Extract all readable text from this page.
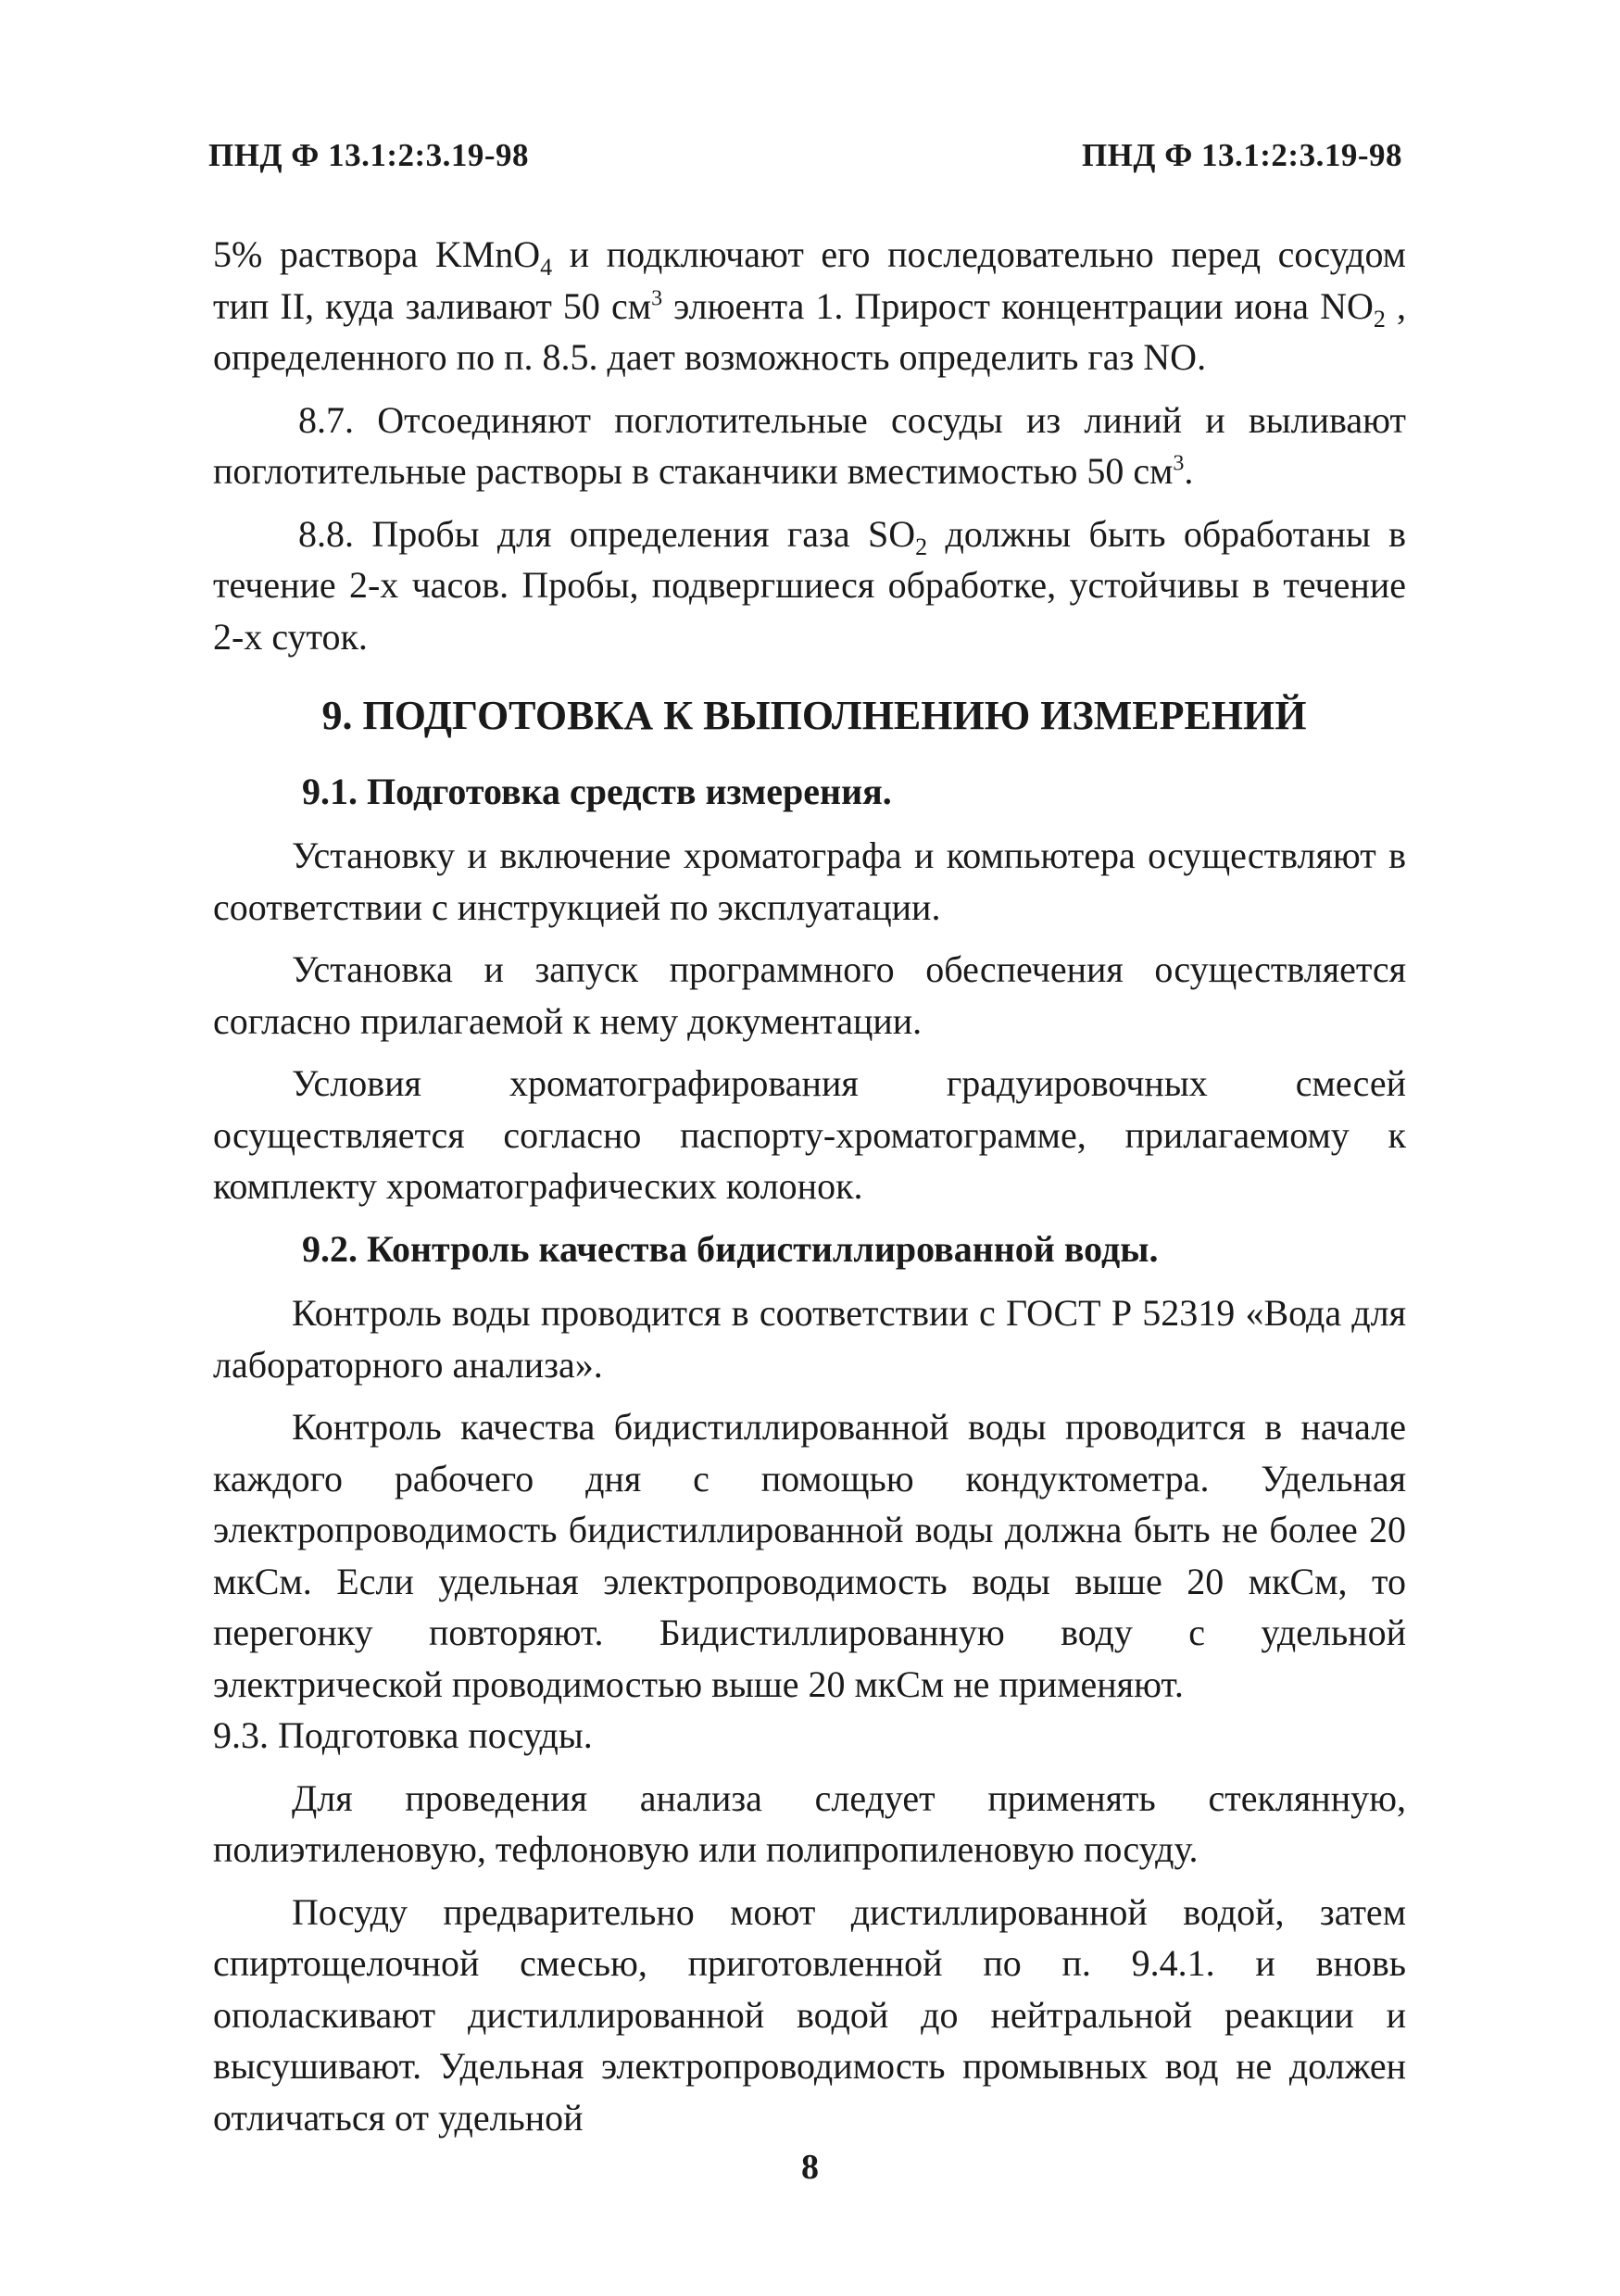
ПНД Ф 13.1:2:3.19-98	ПНД Ф 13.1:2:3.19-98

5% раствора KMnO$_4$ и подключают его последовательно перед сосудом тип II, куда заливают 50 $см^3$ элюента 1. Прирост концентрации иона $NO_2$ , определенного по п. 8.5. дает возможность определить газ NO.

8.7. Отсоединяют поглотительные сосуды из линий и выливают поглотительные растворы в стаканчики вместимостью 50 $см^3$.

8.8. Пробы для определения газа $SO_2$ должны быть обработаны в течение 2-х часов. Пробы, подвергшиеся обработке, устойчивы в течение 2-х суток.

9. ПОДГОТОВКА К ВЫПОЛНЕНИЮ ИЗМЕРЕНИЙ

9.1. Подготовка средств измерения.

Установку и включение хроматографа и компьютера осуществляют в соответствии с инструкцией по эксплуатации.

Установка и запуск программного обеспечения осуществляется согласно прилагаемой к нему документации.

Условия хроматографирования градуировочных смесей осуществляется согласно паспорту-хроматограмме, прилагаемому к комплекту хроматографических колонок.

9.2. Контроль качества бидистиллированной воды.

Контроль воды проводится в соответствии с ГОСТ Р 52319 «Вода для лабораторного анализа».

Контроль качества бидистиллированной воды проводится в начале каждого рабочего дня с помощью кондуктометра. Удельная электропроводимость бидистиллированной воды должна быть не более 20 мкСм. Если удельная электропроводимость воды выше 20 мкСм, то перегонку повторяют. Бидистиллированную воду с удельной электрической проводимостью выше 20 мкСм не применяют.

9.3. Подготовка посуды.

Для проведения анализа следует применять стеклянную, полиэтиленовую, тефлоновую или полипропиленовую посуду.

Посуду предварительно моют дистиллированной водой, затем спиртощелочной смесью, приготовленной по п. 9.4.1. и вновь ополаскивают дистиллированной водой до нейтральной реакции и высушивают. Удельная электропроводимость промывных вод не должен отличаться от удельной

8
